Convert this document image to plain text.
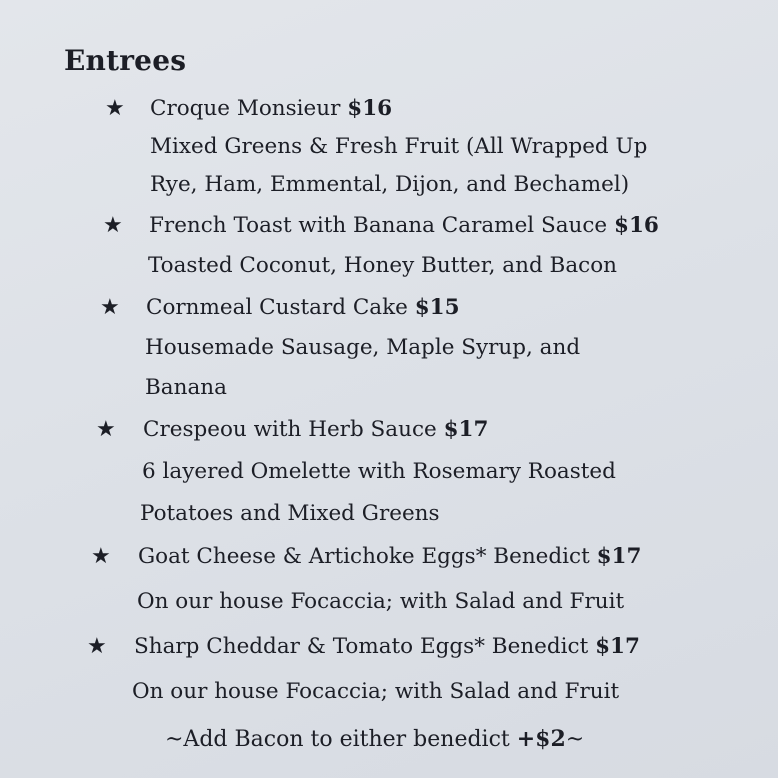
Entrees
★ Croque Monsieur $16
Mixed Greens & Fresh Fruit (All Wrapped Up
Rye, Ham, Emmental, Dijon, and Bechamel)
★ French Toast with Banana Caramel Sauce $16
Toasted Coconut, Honey Butter, and Bacon
★ Cornmeal Custard Cake $15
Housemade Sausage, Maple Syrup, and
Banana
★ Crespeou with Herb Sauce $17
6 layered Omelette with Rosemary Roasted
Potatoes and Mixed Greens
★ Goat Cheese & Artichoke Eggs* Benedict $17
On our house Focaccia; with Salad and Fruit
★ Sharp Cheddar & Tomato Eggs* Benedict $17
On our house Focaccia; with Salad and Fruit
~Add Bacon to either benedict +$2~
